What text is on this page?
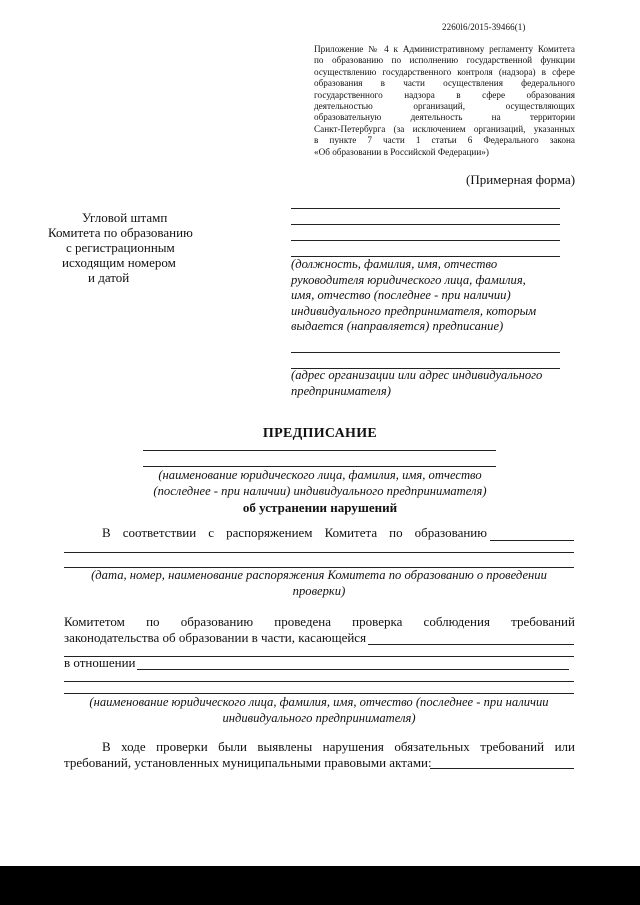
2260l6/2015-39466(1)
Приложение № 4 к Административному регламенту Комитета
по образованию по исполнению государственной функции
осуществлению государственного контроля (надзора) в сфере
образования в части осуществления федерального
государственного надзора в сфере образования
деятельностью организаций, осуществляющих
образовательную деятельность на территории
Санкт-Петербурга (за исключением организаций, указанных
в пункте 7 части 1 статьи 6 Федерального закона
«Об образовании в Российской Федерации»)
(Примерная форма)
Угловой штамп
Комитета по образованию
с регистрационным
исходящим номером
и датой
(должность, фамилия, имя, отчество
руководителя юридического лица, фамилия,
имя, отчество (последнее - при наличии)
индивидуального предпринимателя, которым
выдается (направляется) предписание)
(адрес организации или адрес индивидуального
предпринимателя)
ПРЕДПИСАНИЕ
(наименование юридического лица, фамилия, имя, отчество
(последнее - при наличии) индивидуального предпринимателя)
об устранении нарушений
В соответствии с распоряжением Комитета по образованию
(дата, номер, наименование распоряжения Комитета по образованию о проведении
проверки)
Комитетом по образованию проведена проверка соблюдения требований
законодательства об образовании в части, касающейся
в отношении
(наименование юридического лица, фамилия, имя, отчество (последнее - при наличии
индивидуального предпринимателя)
В ходе проверки были выявлены нарушения обязательных требований или
требований, установленных муниципальными правовыми актами:
